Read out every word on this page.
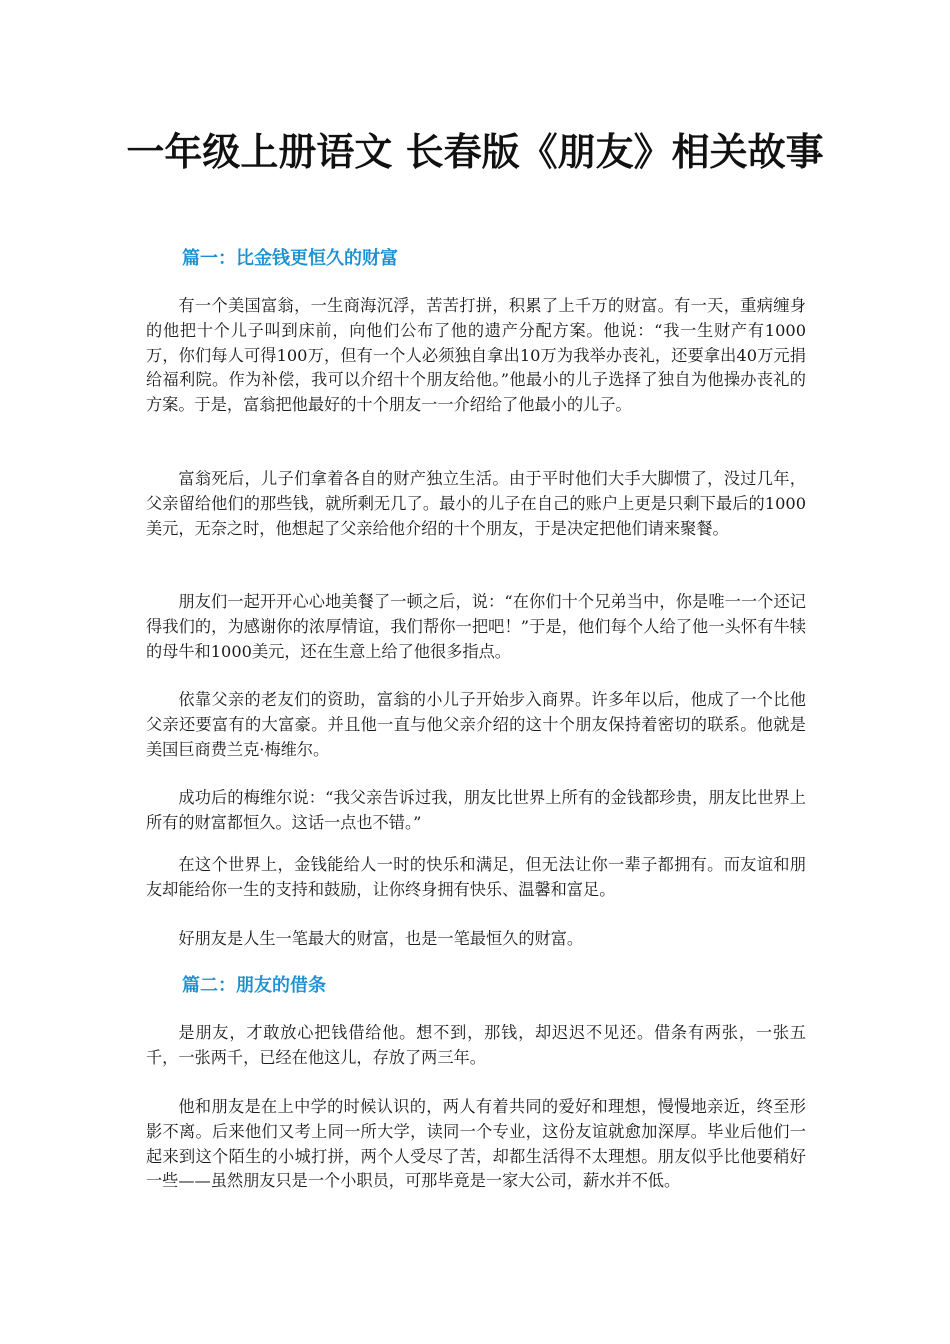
一年级上册语文 长春版《朋友》相关故事
篇一：比金钱更恒久的财富

有一个美国富翁，一生商海沉浮，苦苦打拼，积累了上千万的财富。有一天，重病缠身的他把十个儿子叫到床前，向他们公布了他的遗产分配方案。他说：“我一生财产有1000万，你们每人可得100万，但有一个人必须独自拿出10万为我举办丧礼，还要拿出40万元捐给福利院。作为补偿，我可以介绍十个朋友给他。”他最小的儿子选择了独自为他操办丧礼的方案。于是，富翁把他最好的十个朋友一一介绍给了他最小的儿子。

富翁死后，儿子们拿着各自的财产独立生活。由于平时他们大手大脚惯了，没过几年，父亲留给他们的那些钱，就所剩无几了。最小的儿子在自己的账户上更是只剩下最后的1000美元，无奈之时，他想起了父亲给他介绍的十个朋友，于是决定把他们请来聚餐。

朋友们一起开开心心地美餐了一顿之后，说：“在你们十个兄弟当中，你是唯一一个还记得我们的，为感谢你的浓厚情谊，我们帮你一把吧！”于是，他们每个人给了他一头怀有牛犊的母牛和1000美元，还在生意上给了他很多指点。

依靠父亲的老友们的资助，富翁的小儿子开始步入商界。许多年以后，他成了一个比他父亲还要富有的大富豪。并且他一直与他父亲介绍的这十个朋友保持着密切的联系。他就是美国巨商费兰克·梅维尔。

成功后的梅维尔说：“我父亲告诉过我，朋友比世界上所有的金钱都珍贵，朋友比世界上所有的财富都恒久。这话一点也不错。”

在这个世界上，金钱能给人一时的快乐和满足，但无法让你一辈子都拥有。而友谊和朋友却能给你一生的支持和鼓励，让你终身拥有快乐、温馨和富足。

好朋友是人生一笔最大的财富，也是一笔最恒久的财富。

篇二：朋友的借条

是朋友，才敢放心把钱借给他。想不到，那钱，却迟迟不见还。借条有两张，一张五千，一张两千，已经在他这儿，存放了两三年。

他和朋友是在上中学的时候认识的，两人有着共同的爱好和理想，慢慢地亲近，终至形影不离。后来他们又考上同一所大学，读同一个专业，这份友谊就愈加深厚。毕业后他们一起来到这个陌生的小城打拼，两个人受尽了苦，却都生活得不太理想。朋友似乎比他要稍好一些——虽然朋友只是一个小职员，可那毕竟是一家大公司，薪水并不低。
